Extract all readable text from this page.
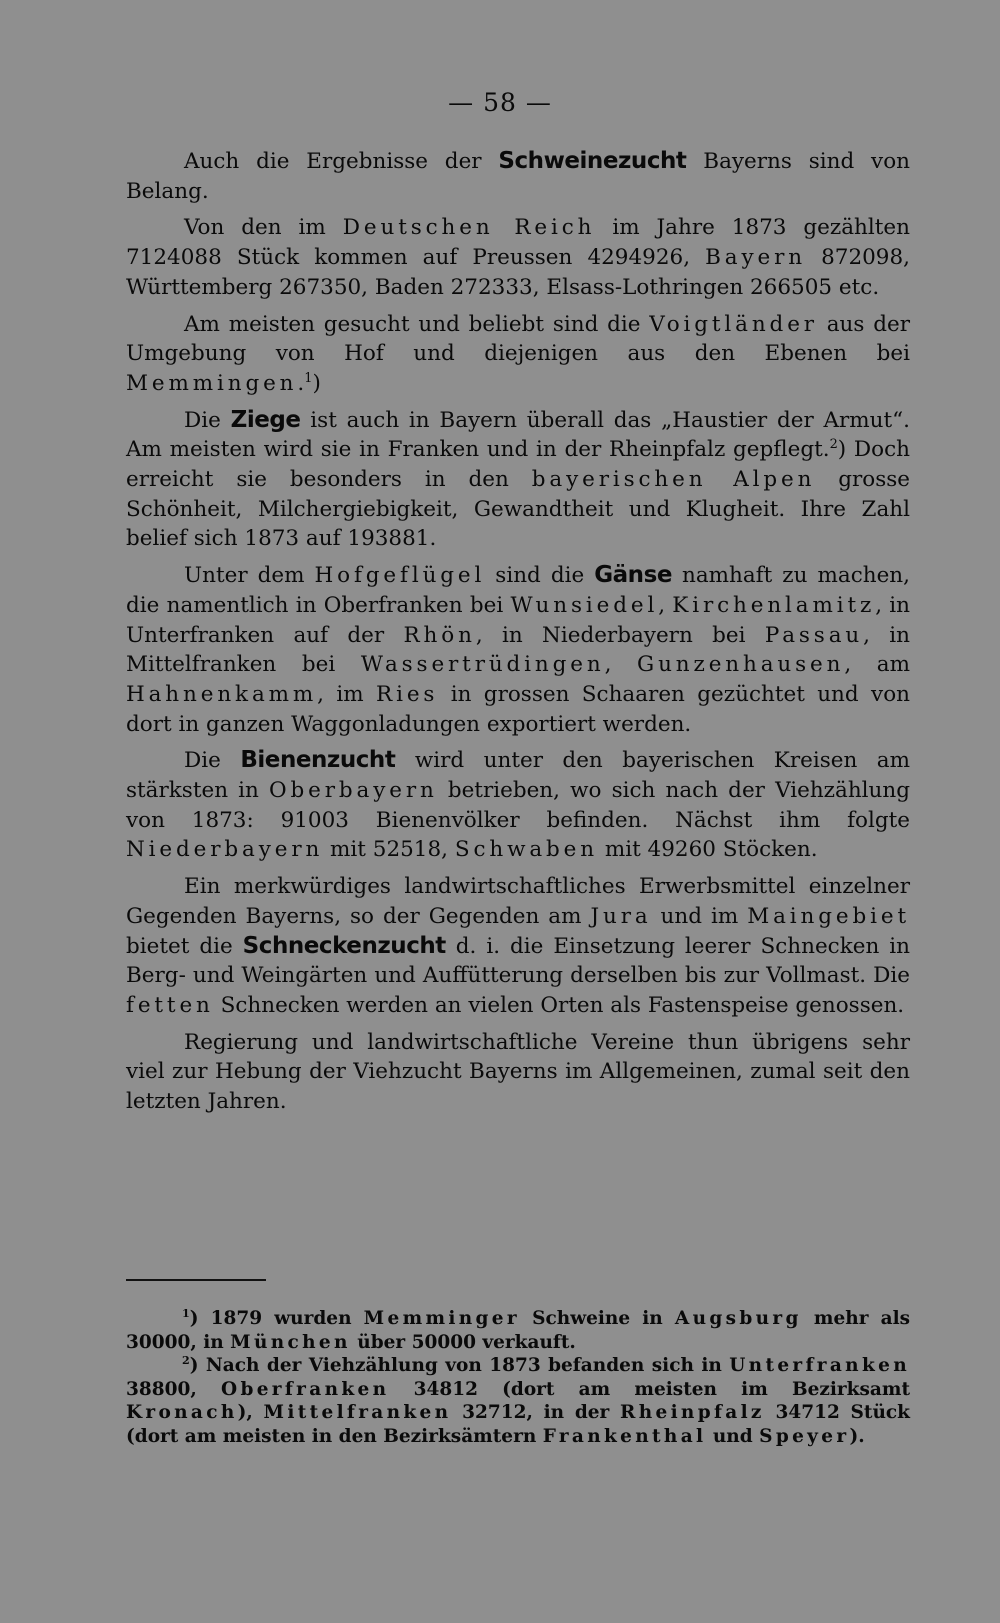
— 58 —

Auch die Ergebnisse der Schweinezucht Bayerns sind von Belang.

Von den im Deutschen Reich im Jahre 1873 gezählten 7124088 Stück kommen auf Preussen 4294926, Bayern 872098, Württemberg 267350, Baden 272333, Elsass-Lothringen 266505 etc.

Am meisten gesucht und beliebt sind die Voigtländer aus der Umgebung von Hof und diejenigen aus den Ebenen bei Memmingen.$^1$)

Die Ziege ist auch in Bayern überall das „Haustier der Armut“. Am meisten wird sie in Franken und in der Rheinpfalz gepflegt.$^2$) Doch erreicht sie besonders in den bayerischen Alpen grosse Schönheit, Milchergiebigkeit, Gewandtheit und Klugheit. Ihre Zahl belief sich 1873 auf 193881.

Unter dem Hofgeflügel sind die Gänse namhaft zu machen, die namentlich in Oberfranken bei Wunsiedel, Kirchenlamitz, in Unterfranken auf der Rhön, in Niederbayern bei Passau, in Mittelfranken bei Wassertrüdingen, Gunzenhausen, am Hahnenkamm, im Ries in grossen Schaaren gezüchtet und von dort in ganzen Waggonladungen exportiert werden.

Die Bienenzucht wird unter den bayerischen Kreisen am stärksten in Oberbayern betrieben, wo sich nach der Viehzählung von 1873: 91003 Bienenvölker befinden. Nächst ihm folgte Niederbayern mit 52518, Schwaben mit 49260 Stöcken.

Ein merkwürdiges landwirtschaftliches Erwerbsmittel einzelner Gegenden Bayerns, so der Gegenden am Jura und im Maingebiet bietet die Schneckenzucht d. i. die Einsetzung leerer Schnecken in Berg- und Weingärten und Auffütterung derselben bis zur Vollmast. Die fetten Schnecken werden an vielen Orten als Fastenspeise genossen.

Regierung und landwirtschaftliche Vereine thun übrigens sehr viel zur Hebung der Viehzucht Bayerns im Allgemeinen, zumal seit den letzten Jahren.

$^1$) 1879 wurden Memminger Schweine in Augsburg mehr als 30000, in München über 50000 verkauft.

$^2$) Nach der Viehzählung von 1873 befanden sich in Unterfranken 38800, Oberfranken 34812 (dort am meisten im Bezirksamt Kronach), Mittelfranken 32712, in der Rheinpfalz 34712 Stück (dort am meisten in den Bezirksämtern Frankenthal und Speyer).
